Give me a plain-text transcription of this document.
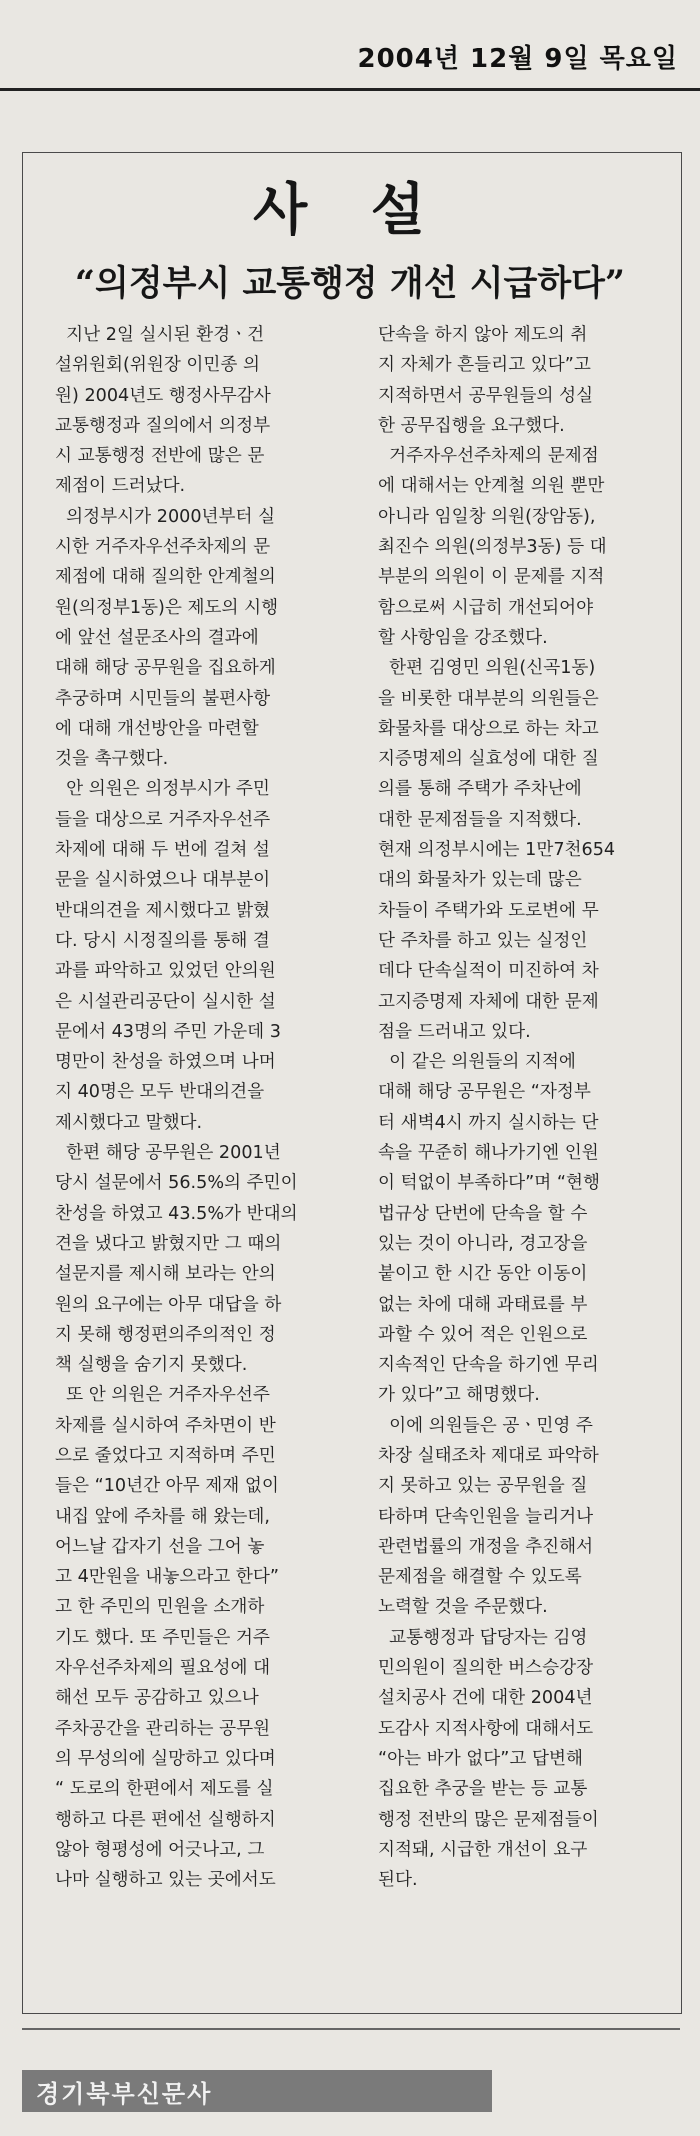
2004년 12월 9일 목요일
사 설
“의정부시 교통행정 개선 시급하다”

지난 2일 실시된 환경ㆍ건

설위원회(위원장 이민종 의

원) 2004년도 행정사무감사

교통행정과 질의에서 의정부

시 교통행정 전반에 많은 문

제점이 드러났다.

의정부시가 2000년부터 실

시한 거주자우선주차제의 문

제점에 대해 질의한 안계철의

원(의정부1동)은 제도의 시행

에 앞선 설문조사의 결과에

대해 해당 공무원을 집요하게

추궁하며 시민들의 불편사항

에 대해 개선방안을 마련할

것을 촉구했다.

안 의원은 의정부시가 주민

들을 대상으로 거주자우선주

차제에 대해 두 번에 걸쳐 설

문을 실시하였으나 대부분이

반대의견을 제시했다고 밝혔

다. 당시 시정질의를 통해 결

과를 파악하고 있었던 안의원

은 시설관리공단이 실시한 설

문에서 43명의 주민 가운데 3

명만이 찬성을 하였으며 나머

지 40명은 모두 반대의견을

제시했다고 말했다.

한편 해당 공무원은 2001년

당시 설문에서 56.5%의 주민이

찬성을 하였고 43.5%가 반대의

견을 냈다고 밝혔지만 그 때의

설문지를 제시해 보라는 안의

원의 요구에는 아무 대답을 하

지 못해 행정편의주의적인 정

책 실행을 숨기지 못했다.

또 안 의원은 거주자우선주

차제를 실시하여 주차면이 반

으로 줄었다고 지적하며 주민

들은 “10년간 아무 제재 없이

내집 앞에 주차를 해 왔는데,

어느날 갑자기 선을 그어 놓

고 4만원을 내놓으라고 한다”

고 한 주민의 민원을 소개하

기도 했다. 또 주민들은 거주

자우선주차제의 필요성에 대

해선 모두 공감하고 있으나

주차공간을 관리하는 공무원

의 무성의에 실망하고 있다며

“ 도로의 한편에서 제도를 실

행하고 다른 편에선 실행하지

않아 형평성에 어긋나고, 그

나마 실행하고 있는 곳에서도

단속을 하지 않아 제도의 취

지 자체가 흔들리고 있다”고

지적하면서 공무원들의 성실

한 공무집행을 요구했다.

거주자우선주차제의 문제점

에 대해서는 안계철 의원 뿐만

아니라 임일창 의원(장암동),

최진수 의원(의정부3동) 등 대

부분의 의원이 이 문제를 지적

함으로써 시급히 개선되어야

할 사항임을 강조했다.

한편 김영민 의원(신곡1동)

을 비롯한 대부분의 의원들은

화물차를 대상으로 하는 차고

지증명제의 실효성에 대한 질

의를 통해 주택가 주차난에

대한 문제점들을 지적했다.

현재 의정부시에는 1만7천654

대의 화물차가 있는데 많은

차들이 주택가와 도로변에 무

단 주차를 하고 있는 실정인

데다 단속실적이 미진하여 차

고지증명제 자체에 대한 문제

점을 드러내고 있다.

이 같은 의원들의 지적에

대해 해당 공무원은 “자정부

터 새벽4시 까지 실시하는 단

속을 꾸준히 해나가기엔 인원

이 턱없이 부족하다”며 “현행

법규상 단번에 단속을 할 수

있는 것이 아니라, 경고장을

붙이고 한 시간 동안 이동이

없는 차에 대해 과태료를 부

과할 수 있어 적은 인원으로

지속적인 단속을 하기엔 무리

가 있다”고 해명했다.

이에 의원들은 공ㆍ민영 주

차장 실태조차 제대로 파악하

지 못하고 있는 공무원을 질

타하며 단속인원을 늘리거나

관련법률의 개정을 추진해서

문제점을 해결할 수 있도록

노력할 것을 주문했다.

교통행정과 답당자는 김영

민의원이 질의한 버스승강장

설치공사 건에 대한 2004년

도감사 지적사항에 대해서도

“아는 바가 없다”고 답변해

집요한 추궁을 받는 등 교통

행정 전반의 많은 문제점들이

지적돼, 시급한 개선이 요구

된다.

경기북부신문사
